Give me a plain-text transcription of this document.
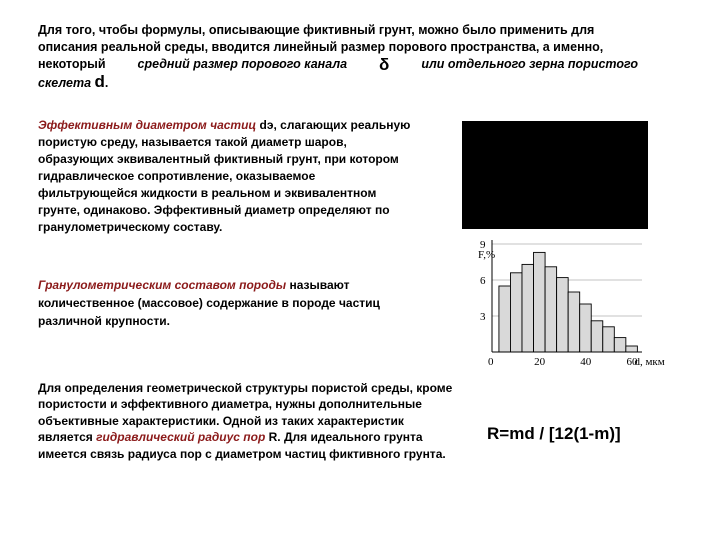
Для того, чтобы формулы, описывающие фиктивный грунт, можно было применить для
описания реальной среды, вводится линейный размер порового пространства, а именно,
некоторый	средний размер порового канала δ	или отдельного зерна пористого
скелета d.
Эффективным диаметром частиц dэ, слагающих реальную пористую среду, называется такой диаметр шаров, образующих эквивалентный фиктивный грунт, при котором гидравлическое сопротивление, оказываемое фильтрующейся жидкости в реальном и эквивалентном грунте, одинаково. Эффективный диаметр определяют по гранулометрическому составу.
3
6
9
0	20	40	60
F,%
d, мкм
Гранулометрическим составом породы называют количественное (массовое) содержание в породе частиц различной крупности.
Для определения геометрической структуры пористой среды, кроме пористости и эффективного диаметра, нужны дополнительные объективные характеристики. Одной из таких характеристик является гидравлический радиус пор R. Для идеального грунта имеется связь радиуса пор с диаметром частиц фиктивного грунта.
R=md / [12(1-m)]
